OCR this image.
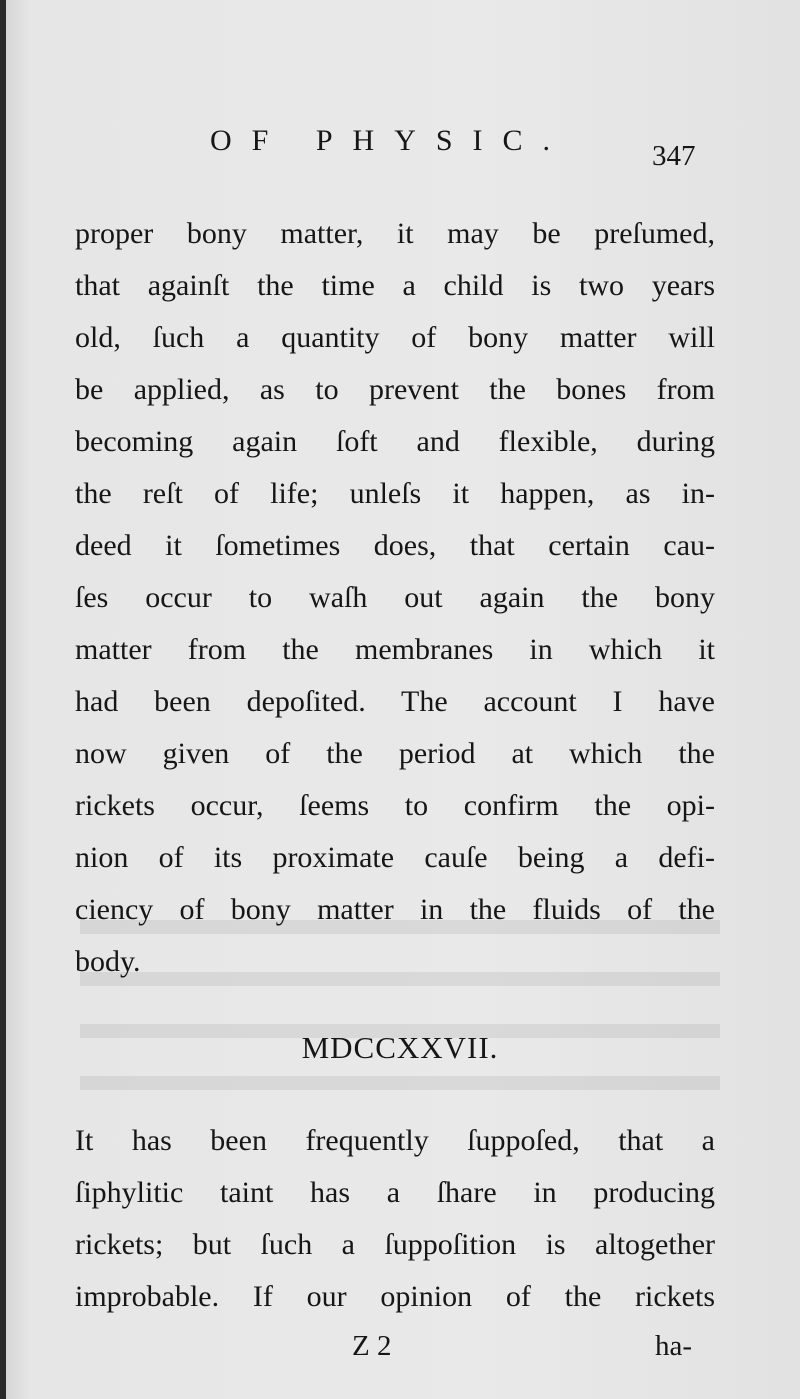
OF PHYSIC.	347
proper bony matter, it may be preſumed,
that againſt the time a child is two years
old, ſuch a quantity of bony matter will
be applied, as to prevent the bones from
becoming again ſoft and flexible, during
the reſt of life; unleſs it happen, as in-
deed it ſometimes does, that certain cau-
ſes occur to waſh out again the bony
matter from the membranes in which it
had been depoſited. The account I have
now given of the period at which the
rickets occur, ſeems to confirm the opi-
nion of its proximate cauſe being a defi-
ciency of bony matter in the fluids of the
body.
MDCCXXVII.
It has been frequently ſuppoſed, that a
ſiphylitic taint has a ſhare in producing
rickets; but ſuch a ſuppoſition is altogether
improbable. If our opinion of the rickets
Z 2	ha-
